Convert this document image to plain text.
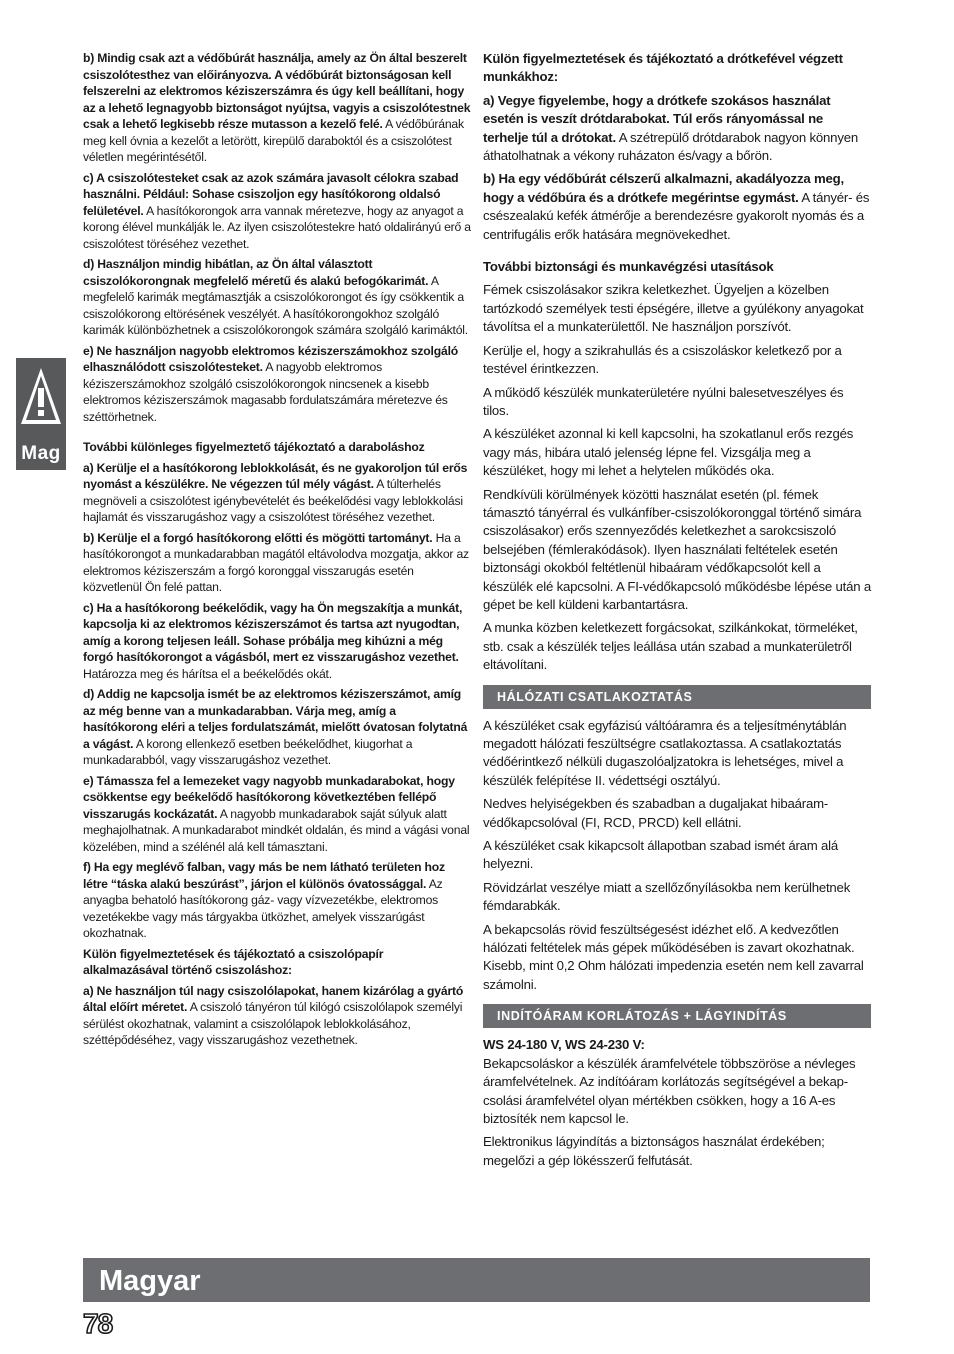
Mag

b) Mindig csak azt a védőbúrát használja, amely az Ön által beszerelt csiszolótesthez van előirányozva. A védőbúrát biztonságosan kell felszerelni az elektromos kéziszerszámra és úgy kell beállítani, hogy az a lehető legnagyobb biztonságot nyújtsa, vagyis a csiszolótestnek csak a lehető legkisebb része mutasson a kezelő felé. A védőbúrának meg kell óvnia a kezelőt a letörött, kirepülő daraboktól és a csiszolótest véletlen megérintésétől.

c) A csiszolótesteket csak az azok számára javasolt célokra szabad használni. Például: Sohase csiszoljon egy hasítókorong oldalsó felületével. A hasítókorongok arra vannak méretezve, hogy az anyagot a korong élével munkálják le. Az ilyen csiszolótestekre ható oldalirányú erő a csiszolótest töréséhez vezethet.

d) Használjon mindig hibátlan, az Ön által választott csiszolókorongnak megfelelő méretű és alakú befogókarimát. A megfelelő karimák megtámasztják a csiszolókorongot és így csökkentik a csiszolókorong eltörésének veszélyét. A hasítókorongokhoz szolgáló karimák különbözhetnek a csiszolókorongok számára szolgáló karimáktól.

e) Ne használjon nagyobb elektromos kéziszerszámokhoz szolgáló elhasználódott csiszolótesteket. A nagyobb elektromos kéziszerszámokhoz szolgáló csiszolókorongok nincsenek a kisebb elektromos kéziszerszámok magasabb fordulatszámára méretezve és széttörhetnek.

További különleges figyelmeztető tájékoztató a daraboláshoz

a) Kerülje el a hasítókorong leblokkolását, és ne gyakoroljon túl erős nyomást a készülékre. Ne végezzen túl mély vágást. A túlterhelés megnöveli a csiszolótest igénybevételét és beékelődési vagy leblokkolási hajlamát és visszarugáshoz vagy a csiszolótest töréséhez vezethet.

b) Kerülje el a forgó hasítókorong előtti és mögötti tartományt. Ha a hasítókorongot a munkadarabban magától eltávolodva mozgatja, akkor az elektromos kéziszerszám a forgó koronggal visszarugás esetén közvetlenül Ön felé pattan.

c) Ha a hasítókorong beékelődik, vagy ha Ön megszakítja a munkát, kapcsolja ki az elektromos kéziszerszámot és tartsa azt nyugodtan, amíg a korong teljesen leáll. Sohase próbálja meg kihúzni a még forgó hasítókorongot a vágásból, mert ez visszarugáshoz vezethet. Határozza meg és hárítsa el a beékelődés okát.

d) Addig ne kapcsolja ismét be az elektromos kéziszerszámot, amíg az még benne van a munkadarabban. Várja meg, amíg a hasítókorong eléri a teljes fordulatszámát, mielőtt óvatosan folytatná a vágást. A korong ellenkező esetben beékelődhet, kiugorhat a munkadarabból, vagy visszarugáshoz vezethet.

e) Támassza fel a lemezeket vagy nagyobb munkadarabokat, hogy csökkentse egy beékelődő hasítókorong következtében fellépő visszarugás kockázatát. A nagyobb munkadarabok saját súlyuk alatt meghajolhatnak. A munkadarabot mindkét oldalán, és mind a vágási vonal közelében, mind a szélénél alá kell támasztani.

f) Ha egy meglévő falban, vagy más be nem látható területen hoz létre “táska alakú beszúrást”, járjon el különös óvatossággal. Az anyagba behatoló hasítókorong gáz- vagy vízvezetékbe, elektromos vezetékekbe vagy más tárgyakba ütközhet, amelyek visszarúgást okozhatnak.

Külön figyelmeztetések és tájékoztató a csiszolópapír alkalmazásával történő csiszoláshoz:

a) Ne használjon túl nagy csiszolólapokat, hanem kizárólag a gyártó által előírt méretet. A csiszoló tányéron túl kilógó csiszolólapok személyi sérülést okozhatnak, valamint a csiszolólapok leblokkolásához, széttépődéséhez, vagy visszarugáshoz vezethetnek.

Külön figyelmeztetések és tájékoztató a drótkefével végzett munkákhoz:

a) Vegye figyelembe, hogy a drótkefe szokásos használat esetén is veszít drótdarabokat. Túl erős rányomással ne terhelje túl a drótokat. A szétrepülő drótdarabok nagyon könnyen áthatolhatnak a vékony ruházaton és/vagy a bőrön.

b) Ha egy védőbúrát célszerű alkalmazni, akadályozza meg, hogy a védőbúra és a drótkefe megérintse egymást. A tányér- és csészealakú kefék átmérője a berendezésre gyakorolt nyomás és a centrifugális erők hatására megnövekedhet.

További biztonsági és munkavégzési utasítások

Fémek csiszolásakor szikra keletkezhet. Ügyeljen a közelben tartózkodó személyek testi épségére, illetve a gyúlékony anyagokat távolítsa el a munkaterülettől. Ne használjon porszívót.

Kerülje el, hogy a szikrahullás és a csiszoláskor keletkező por a testével érintkezzen.

A működő készülék munkaterületére nyúlni balesetveszélyes és tilos.

A készüléket azonnal ki kell kapcsolni, ha szokatlanul erős rezgés vagy más, hibára utaló jelenség lépne fel. Vizsgálja meg a készüléket, hogy mi lehet a helytelen működés oka.

Rendkívüli körülmények közötti használat esetén (pl. fémek támasztó tányérral és vulkánfíber-csiszolókoronggal történő simára csiszolásakor) erős szennyeződés keletkezhet a sarokcsiszoló belsejében (fémlerakódások). Ilyen használati feltételek esetén biztonsági okokból feltétlenül hibaáram védőkapcsolót kell a készülék elé kapcsolni. A FI-védőkapcsoló működésbe lépése után a gépet be kell küldeni karbantartásra.

A munka közben keletkezett forgácsokat, szilkánkokat, törmeléket, stb. csak a készülék teljes leállása után szabad a munkaterületről eltávolítani.

HÁLÓZATI CSATLAKOZTATÁS

A készüléket csak egyfázisú váltóáramra és a teljesítménytáblán megadott hálózati feszültségre csatlakoztassa. A csatlakoztatás védőérintkező nélküli dugaszolóaljzatokra is lehetséges, mivel a készülék felépítése II. védettségi osztályú.

Nedves helyiségekben és szabadban a dugaljakat hibaáram-védőkapcsolóval (FI, RCD, PRCD) kell ellátni.

A készüléket csak kikapcsolt állapotban szabad ismét áram alá helyezni.

Rövidzárlat veszélye miatt a szellőzőnyílásokba nem kerülhetnek fémdarabkák.

A bekapcsolás rövid feszültségesést idézhet elő. A kedvezőtlen hálózati feltételek más gépek működésében is zavart okozhatnak. Kisebb, mint 0,2 Ohm hálózati impedenzia esetén nem kell zavarral számolni.

INDÍTÓÁRAM KORLÁTOZÁS + LÁGYINDÍTÁS

WS 24-180 V, WS 24-230 V:

Bekapcsoláskor a készülék áramfelvétele többszöröse a névleges áramfelvételnek. Az indítóáram korlátozás segítségével a bekap-csolási áramfelvétel olyan mértékben csökken, hogy a 16 A-es biztosíték nem kapcsol le.

Elektronikus lágyindítás a biztonságos használat érdekében; megelőzi a gép lökésszerű felfutását.

Magyar
78
